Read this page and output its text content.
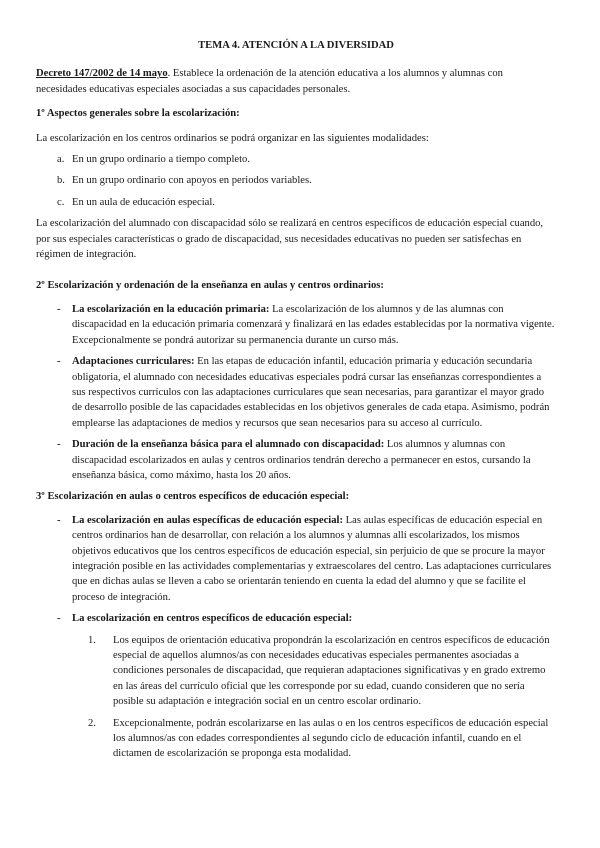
TEMA 4. ATENCIÓN A LA DIVERSIDAD

Decreto 147/2002 de 14 mayo. Establece la ordenación de la atención educativa a los alumnos y alumnas con necesidades educativas especiales asociadas a sus capacidades personales.

1º Aspectos generales sobre la escolarización:

La escolarización en los centros ordinarios se podrá organizar en las siguientes modalidades:

a. En un grupo ordinario a tiempo completo.
b. En un grupo ordinario con apoyos en periodos variables.
c. En un aula de educación especial.

La escolarización del alumnado con discapacidad sólo se realizará en centros específicos de educación especial cuando, por sus especiales características o grado de discapacidad, sus necesidades educativas no pueden ser satisfechas en régimen de integración.

2º Escolarización y ordenación de la enseñanza en aulas y centros ordinarios:
- La escolarización en la educación primaria: La escolarización de los alumnos y de las alumnas con discapacidad en la educación primaria comenzará y finalizará en las edades establecidas por la normativa vigente. Excepcionalmente se pondrá autorizar su permanencia durante un curso más.
- Adaptaciones curriculares: En las etapas de educación infantil, educación primaria y educación secundaria obligatoria, el alumnado con necesidades educativas especiales podrá cursar las enseñanzas correspondientes a sus respectivos currículos con las adaptaciones curriculares que sean necesarias, para garantizar el mayor grado de desarrollo posible de las capacidades establecidas en los objetivos generales de cada etapa. Asimismo, podrán emplearse las adaptaciones de medios y recursos que sean necesarios para su acceso al currículo.
- Duración de la enseñanza básica para el alumnado con discapacidad: Los alumnos y alumnas con discapacidad escolarizados en aulas y centros ordinarios tendrán derecho a permanecer en estos, cursando la enseñanza básica, como máximo, hasta los 20 años.
3º Escolarización en aulas o centros específicos de educación especial:
- La escolarización en aulas específicas de educación especial: Las aulas específicas de educación especial en centros ordinarios han de desarrollar, con relación a los alumnos y alumnas allí escolarizados, los mismos objetivos educativos que los centros específicos de educación especial, sin perjuicio de que se procure la mayor integración posible en las actividades complementarias y extraescolares del centro. Las adaptaciones curriculares que en dichas aulas se lleven a cabo se orientarán teniendo en cuenta la edad del alumno y que se facilite el proceso de integración.
- La escolarización en centros específicos de educación especial:
1. Los equipos de orientación educativa propondrán la escolarización en centros específicos de educación especial de aquellos alumnos/as con necesidades educativas especiales permanentes asociadas a condiciones personales de discapacidad, que requieran adaptaciones significativas y en grado extremo en las áreas del currículo oficial que les corresponde por su edad, cuando consideren que no sería posible su adaptación e integración social en un centro escolar ordinario.
2. Excepcionalmente, podrán escolarizarse en las aulas o en los centros específicos de educación especial los alumnos/as con edades correspondientes al segundo ciclo de educación infantil, cuando en el dictamen de escolarización se proponga esta modalidad.
